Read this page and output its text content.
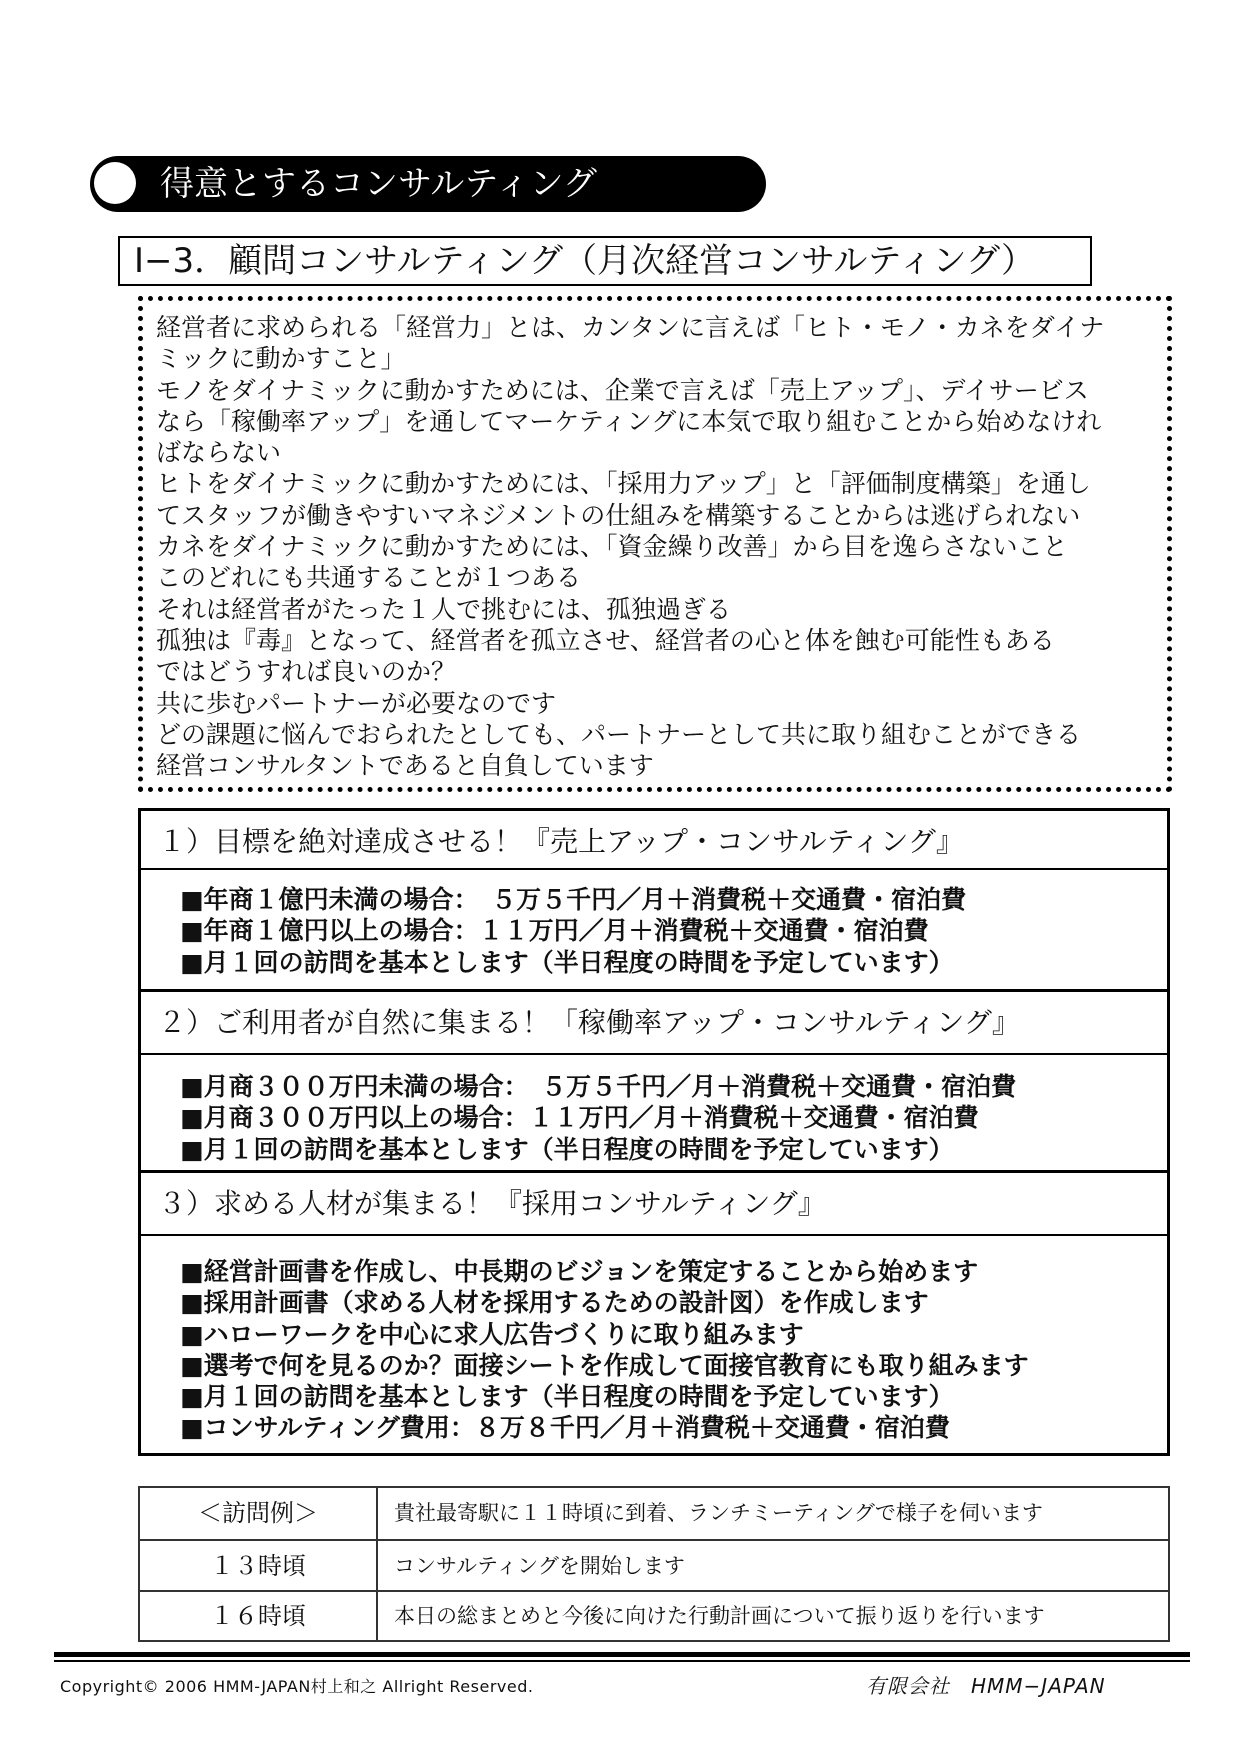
得意とするコンサルティング
I−3．顧問コンサルティング（月次経営コンサルティング）
経営者に求められる「経営力」とは、カンタンに言えば「ヒト・モノ・カネをダイナ
ミックに動かすこと」
モノをダイナミックに動かすためには、企業で言えば「売上アップ」、デイサービス
なら「稼働率アップ」を通してマーケティングに本気で取り組むことから始めなけれ
ばならない
ヒトをダイナミックに動かすためには、「採用力アップ」と「評価制度構築」を通し
てスタッフが働きやすいマネジメントの仕組みを構築することからは逃げられない
カネをダイナミックに動かすためには、「資金繰り改善」から目を逸らさないこと
このどれにも共通することが１つある
それは経営者がたった１人で挑むには、孤独過ぎる
孤独は『毒』となって、経営者を孤立させ、経営者の心と体を蝕む可能性もある
ではどうすれば良いのか？
共に歩むパートナーが必要なのです
どの課題に悩んでおられたとしても、パートナーとして共に取り組むことができる
経営コンサルタントであると自負しています
１）目標を絶対達成させる！『売上アップ・コンサルティング』
■年商１億円未満の場合：　５万５千円／月＋消費税＋交通費・宿泊費
■年商１億円以上の場合：１１万円／月＋消費税＋交通費・宿泊費
■月１回の訪問を基本とします（半日程度の時間を予定しています）
２）ご利用者が自然に集まる！「稼働率アップ・コンサルティング』
■月商３００万円未満の場合：　５万５千円／月＋消費税＋交通費・宿泊費
■月商３００万円以上の場合：１１万円／月＋消費税＋交通費・宿泊費
■月１回の訪問を基本とします（半日程度の時間を予定しています）
３）求める人材が集まる！『採用コンサルティング』
■経営計画書を作成し、中長期のビジョンを策定することから始めます
■採用計画書（求める人材を採用するための設計図）を作成します
■ハローワークを中心に求人広告づくりに取り組みます
■選考で何を見るのか？面接シートを作成して面接官教育にも取り組みます
■月１回の訪問を基本とします（半日程度の時間を予定しています）
■コンサルティング費用：８万８千円／月＋消費税＋交通費・宿泊費
＜訪問例＞	貴社最寄駅に１１時頃に到着、ランチミーティングで様子を伺います
１３時頃	コンサルティングを開始します
１６時頃	本日の総まとめと今後に向けた行動計画について振り返りを行います
Copyright© 2006 HMM-JAPAN村上和之 Allright Reserved.	有限会社　HMM−JAPAN
